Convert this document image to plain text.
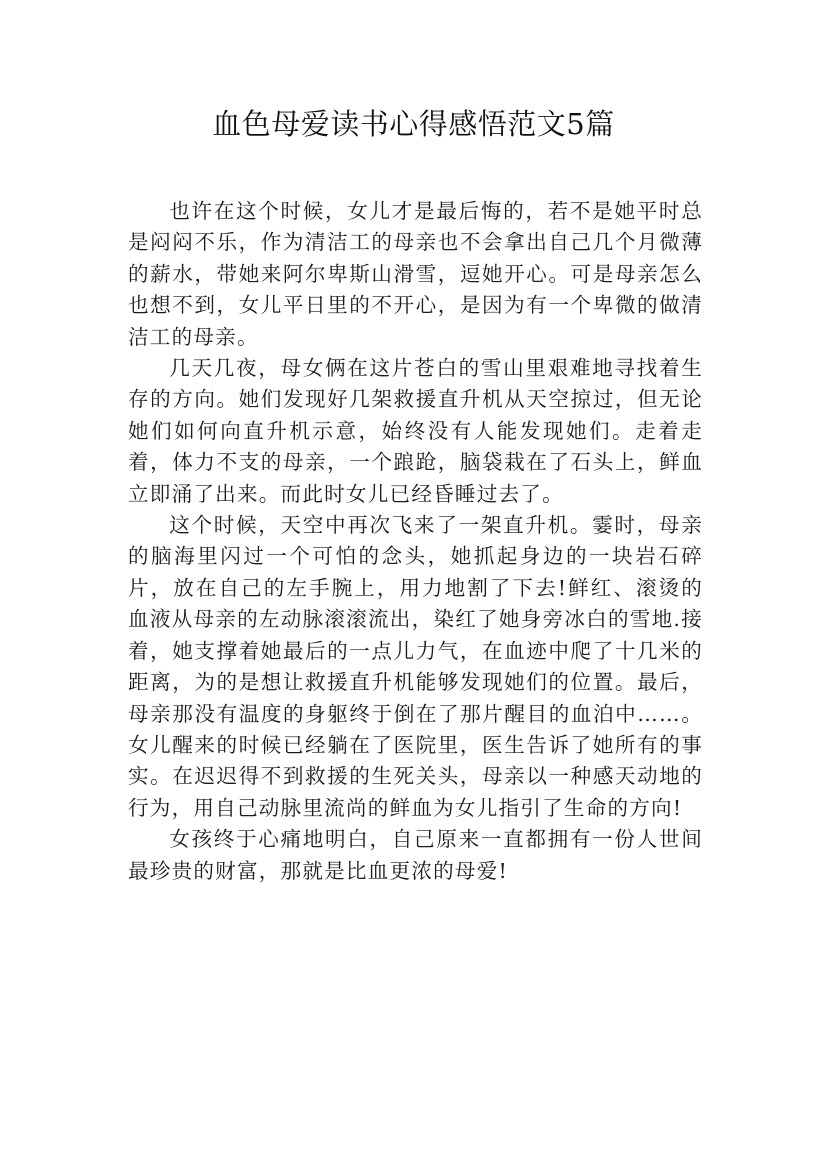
血色母爱读书心得感悟范文5篇

也许在这个时候，女儿才是最后悔的，若不是她平时总是闷闷不乐，作为清洁工的母亲也不会拿出自己几个月微薄的薪水，带她来阿尔卑斯山滑雪，逗她开心。可是母亲怎么也想不到，女儿平日里的不开心，是因为有一个卑微的做清洁工的母亲。

几天几夜，母女俩在这片苍白的雪山里艰难地寻找着生存的方向。她们发现好几架救援直升机从天空掠过，但无论她们如何向直升机示意，始终没有人能发现她们。走着走着，体力不支的母亲，一个踉跄，脑袋栽在了石头上，鲜血立即涌了出来。而此时女儿已经昏睡过去了。

这个时候，天空中再次飞来了一架直升机。霎时，母亲的脑海里闪过一个可怕的念头，她抓起身边的一块岩石碎片，放在自己的左手腕上，用力地割了下去!鲜红、滚烫的血液从母亲的左动脉滚滚流出，染红了她身旁冰白的雪地.接着，她支撑着她最后的一点儿力气，在血迹中爬了十几米的距离，为的是想让救援直升机能够发现她们的位置。最后，母亲那没有温度的身躯终于倒在了那片醒目的血泊中……。女儿醒来的时候已经躺在了医院里，医生告诉了她所有的事实。在迟迟得不到救援的生死关头，母亲以一种感天动地的行为，用自己动脉里流尚的鲜血为女儿指引了生命的方向!

女孩终于心痛地明白，自己原来一直都拥有一份人世间最珍贵的财富，那就是比血更浓的母爱!
